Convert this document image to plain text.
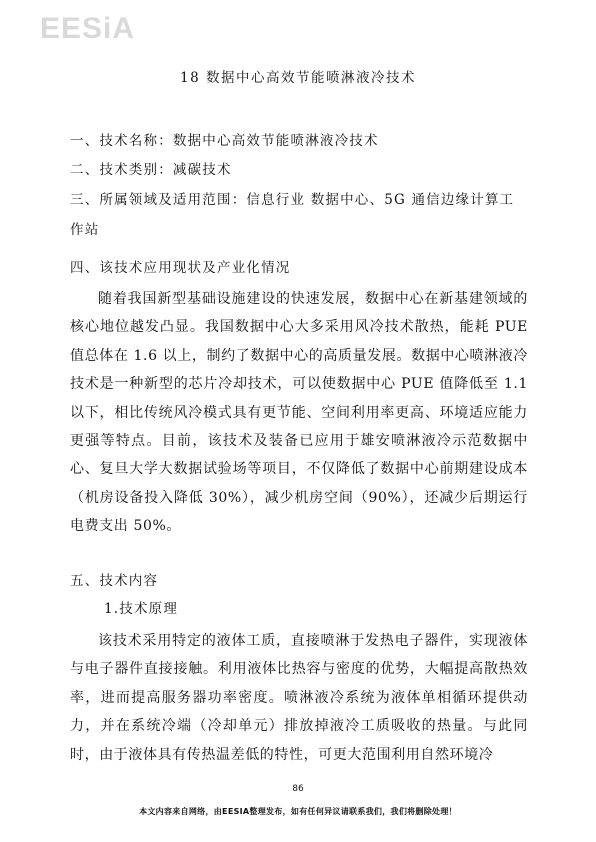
EESiA
18 数据中心高效节能喷淋液冷技术
一、技术名称：数据中心高效节能喷淋液冷技术
二、技术类别：减碳技术
三、所属领域及适用范围：信息行业 数据中心、5G 通信边缘计算工
作站
四、该技术应用现状及产业化情况

随着我国新型基础设施建设的快速发展，数据中心在新基建领域的核心地位越发凸显。我国数据中心大多采用风冷技术散热，能耗 PUE 值总体在 1.6 以上，制约了数据中心的高质量发展。数据中心喷淋液冷技术是一种新型的芯片冷却技术，可以使数据中心 PUE 值降低至 1.1 以下，相比传统风冷模式具有更节能、空间利用率更高、环境适应能力更强等特点。目前，该技术及装备已应用于雄安喷淋液冷示范数据中心、复旦大学大数据试验场等项目，不仅降低了数据中心前期建设成本（机房设备投入降低 30%），减少机房空间（90%），还减少后期运行电费支出 50%。

五、技术内容
1.技术原理

该技术采用特定的液体工质，直接喷淋于发热电子器件，实现液体与电子器件直接接触。利用液体比热容与密度的优势，大幅提高散热效率，进而提高服务器功率密度。喷淋液冷系统为液体单相循环提供动力，并在系统冷端（冷却单元）排放掉液冷工质吸收的热量。与此同时，由于液体具有传热温差低的特性，可更大范围利用自然环境冷

86
本文内容来自网络，由EESIA整理发布，如有任何异议请联系我们，我们将删除处理！
